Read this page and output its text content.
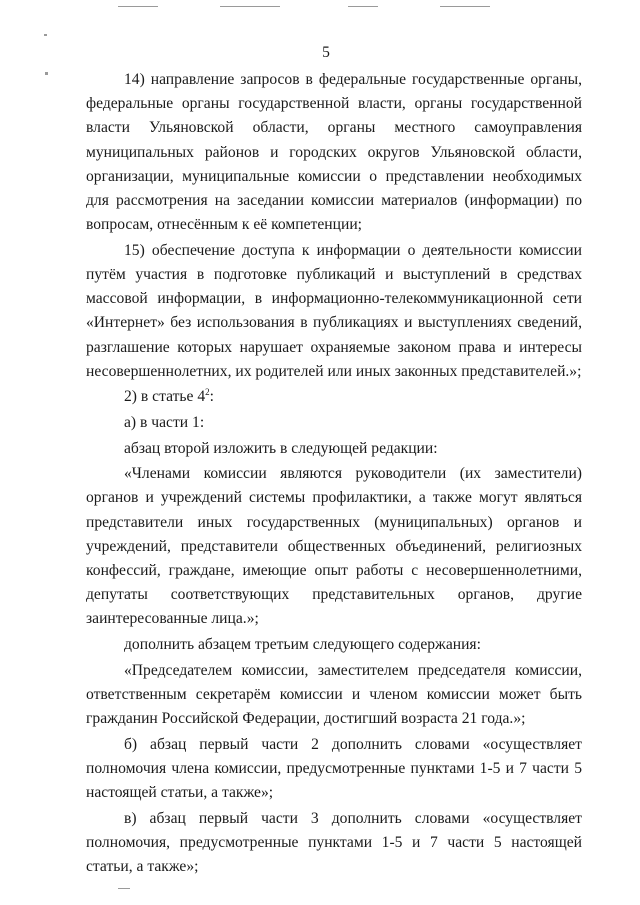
5

14) направление запросов в федеральные государственные органы, федеральные органы государственной власти, органы государственной власти Ульяновской области, органы местного самоуправления муниципальных районов и городских округов Ульяновской области, организации, муниципальные комиссии о представлении необходимых для рассмотрения на заседании комиссии материалов (информации) по вопросам, отнесённым к её компетенции;

15) обеспечение доступа к информации о деятельности комиссии путём участия в подготовке публикаций и выступлений в средствах массовой информации, в информационно-телекоммуникационной сети «Интернет» без использования в публикациях и выступлениях сведений, разглашение которых нарушает охраняемые законом права и интересы несовершеннолетних, их родителей или иных законных представителей.»;

2) в статье $4^2$:

а) в части 1:

абзац второй изложить в следующей редакции:

«Членами комиссии являются руководители (их заместители) органов и учреждений системы профилактики, а также могут являться представители иных государственных (муниципальных) органов и учреждений, представители общественных объединений, религиозных конфессий, граждане, имеющие опыт работы с несовершеннолетними, депутаты соответствующих представительных органов, другие заинтересованные лица.»;

дополнить абзацем третьим следующего содержания:

«Председателем комиссии, заместителем председателя комиссии, ответственным секретарём комиссии и членом комиссии может быть гражданин Российской Федерации, достигший возраста 21 года.»;

б) абзац первый части 2 дополнить словами «осуществляет полномочия члена комиссии, предусмотренные пунктами 1-5 и 7 части 5 настоящей статьи, а также»;

в) абзац первый части 3 дополнить словами «осуществляет полномочия, предусмотренные пунктами 1-5 и 7 части 5 настоящей статьи, а также»;
